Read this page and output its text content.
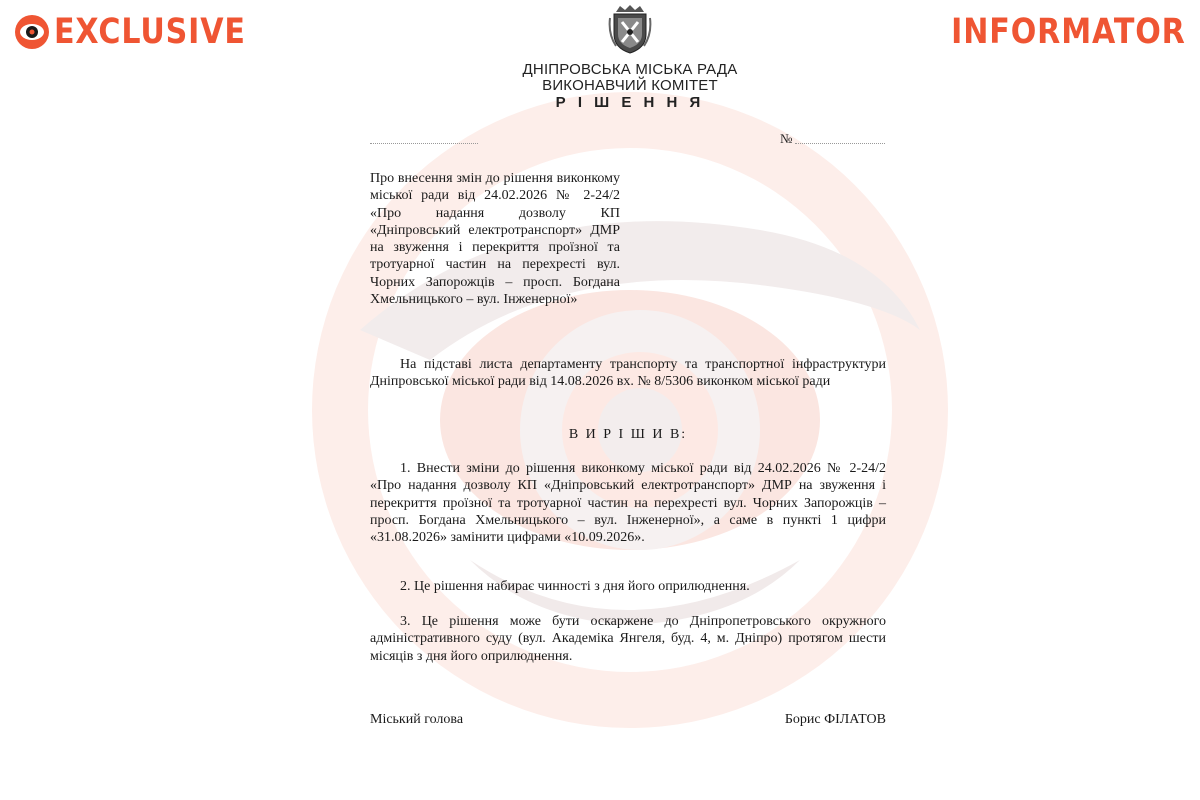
EXCLUSIVE	INFORMATOR
ДНІПРОВСЬКА МІСЬКА РАДА
ВИКОНАВЧИЙ КОМІТЕТ
Р І Ш Е Н Н Я
№
Про внесення змін до рішення виконкому міської ради від 24.02.2026 № 2-24/2 «Про надання дозволу КП «Дніпровський електротранспорт» ДМР на звуження і перекриття проїзної та тротуарної частин на перехресті вул. Чорних Запорожців – просп. Богдана Хмельницького – вул. Інженерної»
На підставі листа департаменту транспорту та транспортної інфраструктури Дніпровської міської ради від 14.08.2026 вх. № 8/5306 виконком міської ради
В И Р І Ш И В:
1. Внести зміни до рішення виконкому міської ради від 24.02.2026 № 2-24/2 «Про надання дозволу КП «Дніпровський електротранспорт» ДМР на звуження і перекриття проїзної та тротуарної частин на перехресті вул. Чорних Запорожців – просп. Богдана Хмельницького – вул. Інженерної», а саме в пункті 1 цифри «31.08.2026» замінити цифрами «10.09.2026».
2. Це рішення набирає чинності з дня його оприлюднення.
3. Це рішення може бути оскаржене до Дніпропетровського окружного адміністративного суду (вул. Академіка Янгеля, буд. 4, м. Дніпро) протягом шести місяців з дня його оприлюднення.
Міський голова	Борис ФІЛАТОВ
